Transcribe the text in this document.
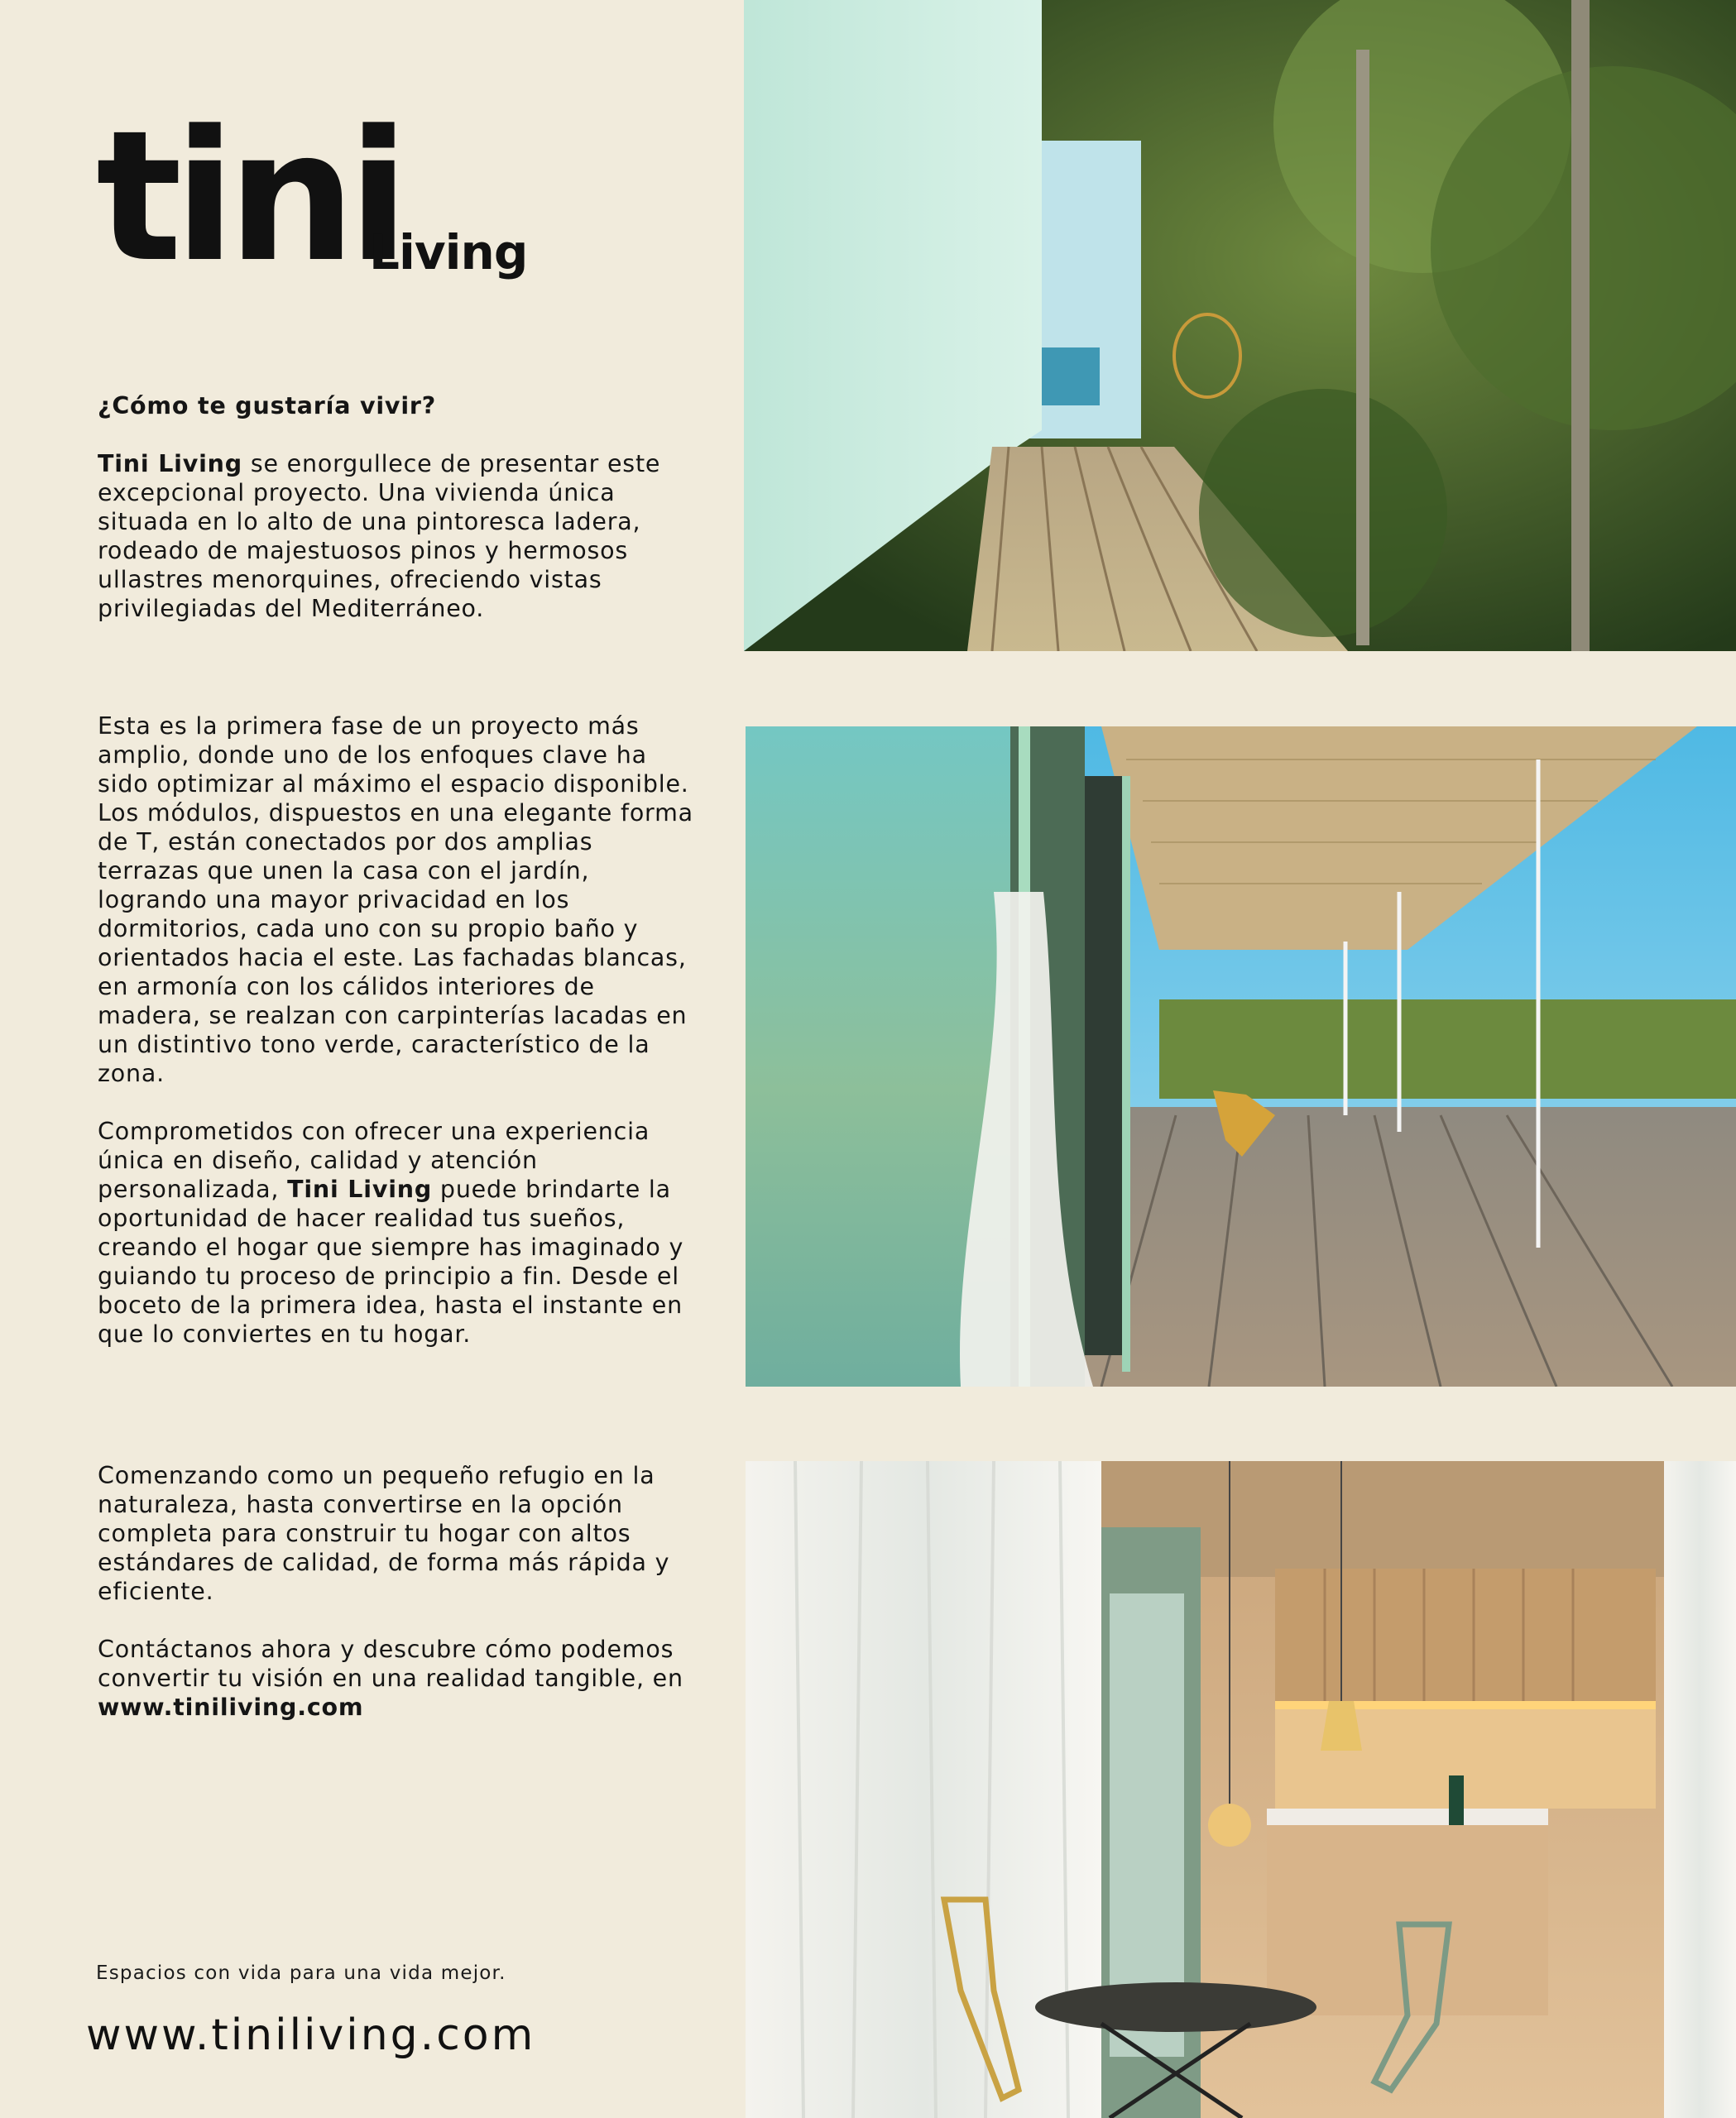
tini
Living

¿Cómo te gustaría vivir?

Tini Living se enorgullece de presentar este excepcional proyecto. Una vivienda única situada en lo alto de una pintoresca ladera, rodeado de majestuosos pinos y hermosos ullastres menorquines, ofreciendo vistas privilegiadas del Mediterráneo.

Esta es la primera fase de un proyecto más amplio, donde uno de los enfoques clave ha sido optimizar al máximo el espacio disponible. Los módulos, dispuestos en una elegante forma de T, están conectados por dos amplias terrazas que unen la casa con el jardín, logrando una mayor privacidad en los dormitorios, cada uno con su propio baño y orientados hacia el este. Las fachadas blancas, en armonía con los cálidos interiores de madera, se realzan con carpinterías lacadas en un distintivo tono verde, característico de la zona.

Comprometidos con ofrecer una experiencia única en diseño, calidad y atención personalizada, Tini Living puede brindarte la oportunidad de hacer realidad tus sueños, creando el hogar que siempre has imaginado y guiando tu proceso de principio a fin. Desde el boceto de la primera idea, hasta el instante en que lo conviertes en tu hogar.

Comenzando como un pequeño refugio en la naturaleza, hasta convertirse en la opción completa para construir tu hogar con altos estándares de calidad, de forma más rápida y eficiente.

Contáctanos ahora y descubre cómo podemos convertir tu visión en una realidad tangible, en www.tiniliving.com

Espacios con vida para una vida mejor.
www.tiniliving.com
